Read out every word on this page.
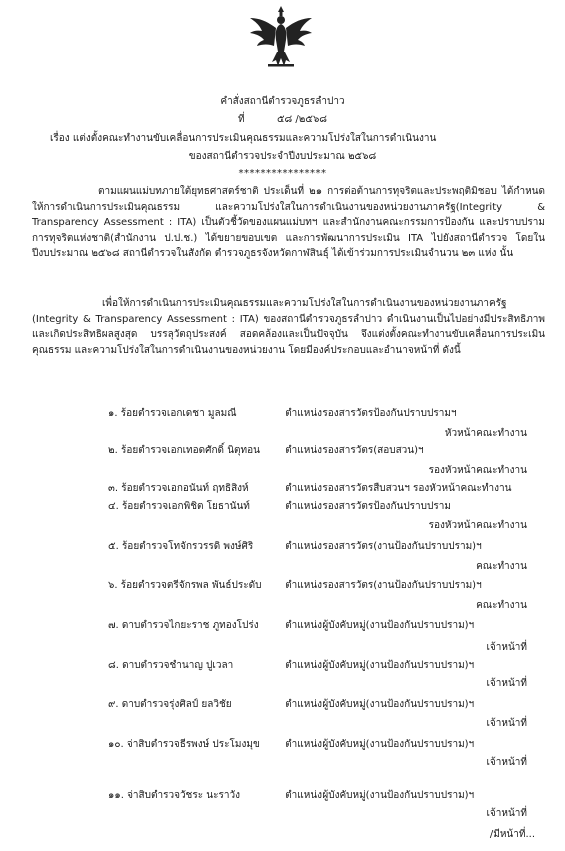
คำสั่งสถานีตำรวจภูธรลำปาว
ที่	๕๘ /๒๕๖๘
เรื่อง แต่งตั้งคณะทำงานขับเคลื่อนการประเมินคุณธรรมและความโปร่งใสในการดำเนินงาน
ของสถานีตำรวจประจำปีงบประมาณ ๒๕๖๘
****************
ตามแผนแม่บทภายใต้ยุทธศาสตร์ชาติ ประเด็นที่ ๒๑ การต่อต้านการทุจริตและประพฤติมิชอบ ได้กำหนดให้การดำเนินการประเมินคุณธรรม และความโปร่งใสในการดำเนินงานของหน่วยงานภาครัฐ(Integrity & Transparency Assessment : ITA) เป็นตัวชี้วัดของแผนแม่บทฯ และสำนักงานคณะกรรมการป้องกัน และปราบปรามการทุจริตแห่งชาติ(สำนักงาน ป.ป.ช.) ได้ขยายขอบเขต และการพัฒนาการประเมิน ITA ไปยังสถานีตำรวจ โดยในปีงบประมาณ ๒๕๖๘ สถานีตำรวจในสังกัด ตำรวจภูธรจังหวัดกาฬสินธุ์ ได้เข้าร่วมการประเมินจำนวน ๒๓ แห่ง นั้น
เพื่อให้การดำเนินการประเมินคุณธรรมและความโปร่งใสในการดำเนินงานของหน่วยงานภาครัฐ (Integrity & Transparency Assessment : ITA) ของสถานีตำรวจภูธรลำปาว ดำเนินงานเป็นไปอย่างมีประสิทธิภาพ และเกิดประสิทธิผลสูงสุด บรรลุวัตถุประสงค์ สอดคล้องและเป็นปัจจุบัน จึงแต่งตั้งคณะทำงานขับเคลื่อนการประเมินคุณธรรม และความโปร่งใสในการดำเนินงานของหน่วยงาน โดยมีองค์ประกอบและอำนาจหน้าที่ ดังนี้
๑. ร้อยตำรวจเอกเดชา มูลมณี	ตำแหน่ง รองสารวัตรป้องกันปราบปรามฯ
หัวหน้าคณะทำงาน
๒. ร้อยตำรวจเอกเทอดศักดิ์ นิตุทอน	ตำแหน่ง รองสารวัตร(สอบสวน)ฯ
รองหัวหน้าคณะทำงาน
๓. ร้อยตำรวจเอกอนันท์ ฤทธิสิงห์	ตำแหน่ง รองสารวัตรสืบสวนฯ รองหัวหน้าคณะทำงาน
๔. ร้อยตำรวจเอกพิชิต โยธานันท์	ตำแหน่ง รองสารวัตรป้องกันปราบปราม
รองหัวหน้าคณะทำงาน
๕. ร้อยตำรวจโทจักรวรรดิ พงษ์ศิริ	ตำแหน่ง รองสารวัตร(งานป้องกันปราบปราม)ฯ
คณะทำงาน
๖. ร้อยตำรวจตรีจักรพล พันธ์ประดับ ตำแหน่ง รองสารวัตร(งานป้องกันปราบปราม)ฯ
คณะทำงาน
๗. ดาบตำรวจไกยะราช ภูทองโปร่ง	ตำแหน่ง ผู้บังคับหมู่(งานป้องกันปราบปราม)ฯ
เจ้าหน้าที่
๘. ดาบตำรวจชำนาญ ปูเวลา	ตำแหน่ง ผู้บังคับหมู่(งานป้องกันปราบปราม)ฯ
เจ้าหน้าที่
๙. ดาบตำรวจรุ่งศิลป์ ยลวิชัย	ตำแหน่ง ผู้บังคับหมู่(งานป้องกันปราบปราม)ฯ
เจ้าหน้าที่
๑๐. จ่าสิบตำรวจธีรพงษ์ ประโมงมุข	ตำแหน่ง ผู้บังคับหมู่(งานป้องกันปราบปราม)ฯ
เจ้าหน้าที่
๑๑. จ่าสิบตำรวจวัชระ นะราวัง	ตำแหน่ง ผู้บังคับหมู่(งานป้องกันปราบปราม)ฯ
เจ้าหน้าที่
/มีหน้าที่...
